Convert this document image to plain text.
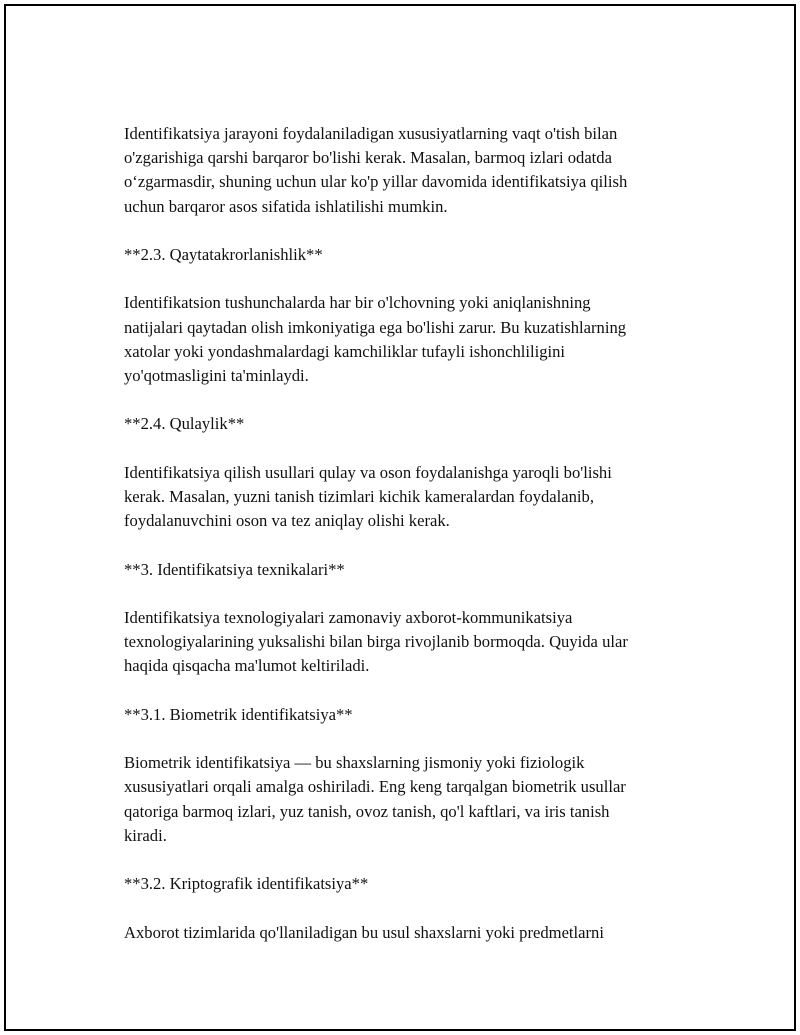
Identifikatsiya jarayoni foydalaniladigan xususiyatlarning vaqt o'tish bilan
o'zgarishiga qarshi barqaror bo'lishi kerak. Masalan, barmoq izlari odatda
o‘zgarmasdir, shuning uchun ular ko'p yillar davomida identifikatsiya qilish
uchun barqaror asos sifatida ishlatilishi mumkin.
**2.3. Qaytatakrorlanishlik**
Identifikatsion tushunchalarda har bir o'lchovning yoki aniqlanishning
natijalari qaytadan olish imkoniyatiga ega bo'lishi zarur. Bu kuzatishlarning
xatolar yoki yondashmalardagi kamchiliklar tufayli ishonchliligini
yo'qotmasligini ta'minlaydi.
**2.4. Qulaylik**
Identifikatsiya qilish usullari qulay va oson foydalanishga yaroqli bo'lishi
kerak. Masalan, yuzni tanish tizimlari kichik kameralardan foydalanib,
foydalanuvchini oson va tez aniqlay olishi kerak.
**3. Identifikatsiya texnikalari**
Identifikatsiya texnologiyalari zamonaviy axborot-kommunikatsiya
texnologiyalarining yuksalishi bilan birga rivojlanib bormoqda. Quyida ular
haqida qisqacha ma'lumot keltiriladi.
**3.1. Biometrik identifikatsiya**
Biometrik identifikatsiya — bu shaxslarning jismoniy yoki fiziologik
xususiyatlari orqali amalga oshiriladi. Eng keng tarqalgan biometrik usullar
qatoriga barmoq izlari, yuz tanish, ovoz tanish, qo'l kaftlari, va iris tanish
kiradi.
**3.2. Kriptografik identifikatsiya**
Axborot tizimlarida qo'llaniladigan bu usul shaxslarni yoki predmetlarni
